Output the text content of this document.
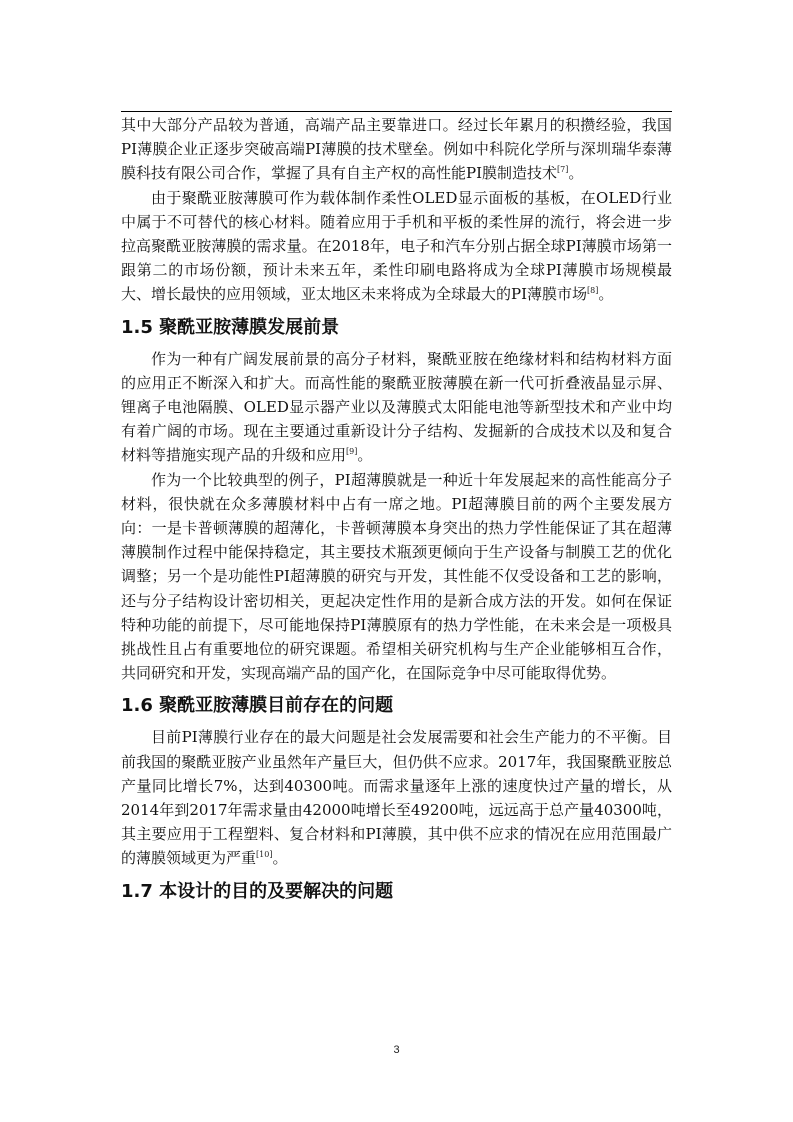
其中大部分产品较为普通，高端产品主要靠进口。经过长年累月的积攒经验，我国PI薄膜企业正逐步突破高端PI薄膜的技术壁垒。例如中科院化学所与深圳瑞华泰薄膜科技有限公司合作，掌握了具有自主产权的高性能PI膜制造技术[7]。

由于聚酰亚胺薄膜可作为载体制作柔性OLED显示面板的基板，在OLED行业中属于不可替代的核心材料。随着应用于手机和平板的柔性屏的流行，将会进一步拉高聚酰亚胺薄膜的需求量。在2018年，电子和汽车分别占据全球PI薄膜市场第一跟第二的市场份额，预计未来五年，柔性印刷电路将成为全球PI薄膜市场规模最大、增长最快的应用领域，亚太地区未来将成为全球最大的PI薄膜市场[8]。

1.5 聚酰亚胺薄膜发展前景

作为一种有广阔发展前景的高分子材料，聚酰亚胺在绝缘材料和结构材料方面的应用正不断深入和扩大。而高性能的聚酰亚胺薄膜在新一代可折叠液晶显示屏、锂离子电池隔膜、OLED显示器产业以及薄膜式太阳能电池等新型技术和产业中均有着广阔的市场。现在主要通过重新设计分子结构、发掘新的合成技术以及和复合材料等措施实现产品的升级和应用[9]。

作为一个比较典型的例子，PI超薄膜就是一种近十年发展起来的高性能高分子材料，很快就在众多薄膜材料中占有一席之地。PI超薄膜目前的两个主要发展方向：一是卡普顿薄膜的超薄化，卡普顿薄膜本身突出的热力学性能保证了其在超薄薄膜制作过程中能保持稳定，其主要技术瓶颈更倾向于生产设备与制膜工艺的优化调整；另一个是功能性PI超薄膜的研究与开发，其性能不仅受设备和工艺的影响，还与分子结构设计密切相关，更起决定性作用的是新合成方法的开发。如何在保证特种功能的前提下，尽可能地保持PI薄膜原有的热力学性能，在未来会是一项极具挑战性且占有重要地位的研究课题。希望相关研究机构与生产企业能够相互合作，共同研究和开发，实现高端产品的国产化，在国际竞争中尽可能取得优势。

1.6 聚酰亚胺薄膜目前存在的问题

目前PI薄膜行业存在的最大问题是社会发展需要和社会生产能力的不平衡。目前我国的聚酰亚胺产业虽然年产量巨大，但仍供不应求。2017年，我国聚酰亚胺总产量同比增长7%，达到40300吨。而需求量逐年上涨的速度快过产量的增长，从2014年到2017年需求量由42000吨增长至49200吨，远远高于总产量40300吨，其主要应用于工程塑料、复合材料和PI薄膜，其中供不应求的情况在应用范围最广的薄膜领域更为严重[10]。

1.7 本设计的目的及要解决的问题
3
